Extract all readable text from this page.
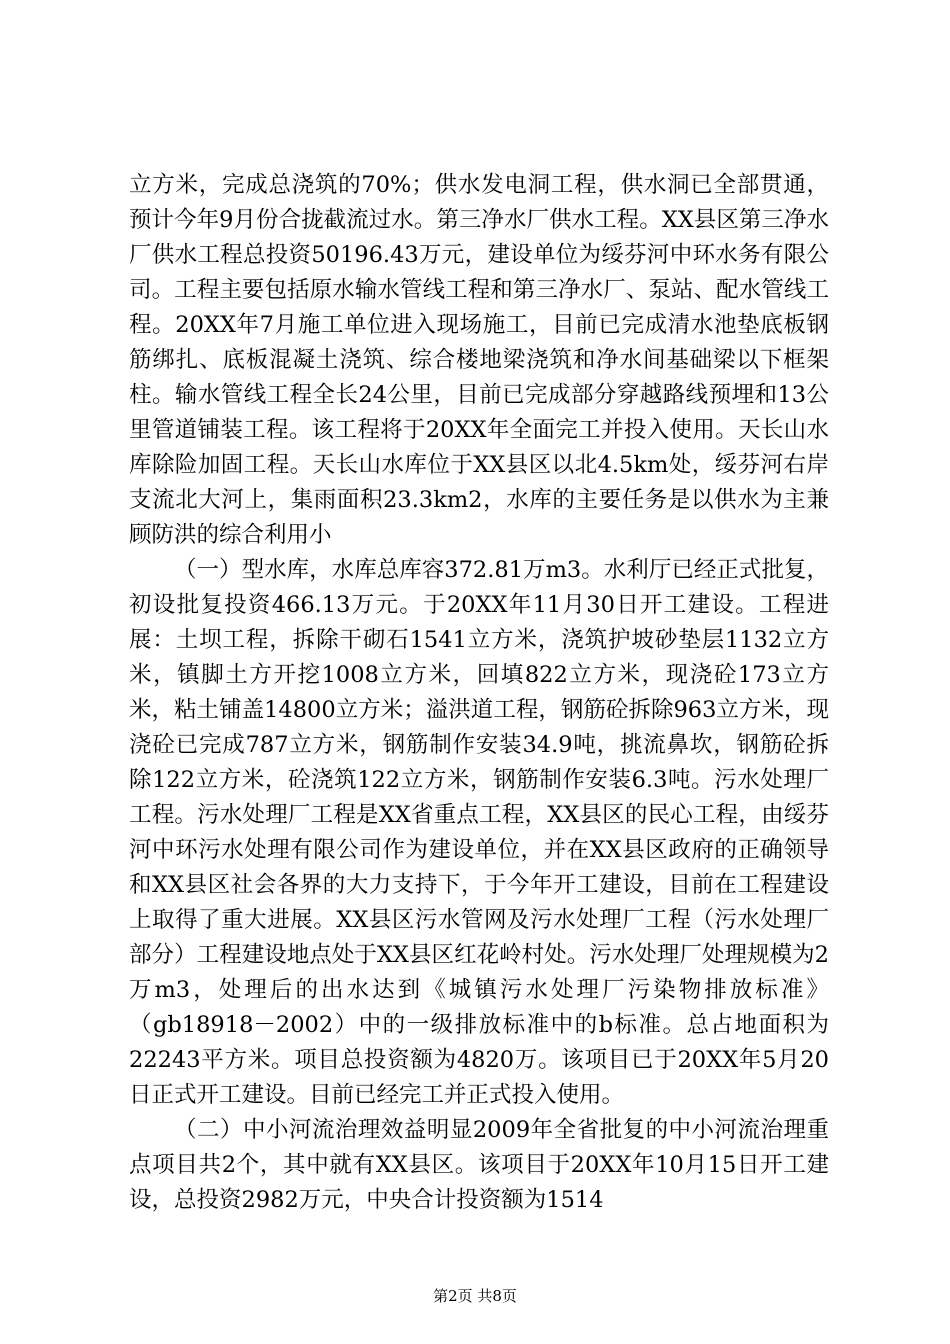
立方米，完成总浇筑的70%；供水发电洞工程，供水洞已全部贯通，预计今年9月份合拢截流过水。第三净水厂供水工程。XX县区第三净水厂供水工程总投资50196.43万元，建设单位为绥芬河中环水务有限公司。工程主要包括原水输水管线工程和第三净水厂、泵站、配水管线工程。20XX年7月施工单位进入现场施工，目前已完成清水池垫底板钢筋绑扎、底板混凝土浇筑、综合楼地梁浇筑和净水间基础梁以下框架柱。输水管线工程全长24公里，目前已完成部分穿越路线预埋和13公里管道铺装工程。该工程将于20XX年全面完工并投入使用。天长山水库除险加固工程。天长山水库位于XX县区以北4.5km处，绥芬河右岸支流北大河上，集雨面积23.3km2，水库的主要任务是以供水为主兼顾防洪的综合利用小

（一）型水库，水库总库容372.81万m3。水利厅已经正式批复，初设批复投资466.13万元。于20XX年11月30日开工建设。工程进展：土坝工程，拆除干砌石1541立方米，浇筑护坡砂垫层1132立方米，镇脚土方开挖1008立方米，回填822立方米，现浇砼173立方米，粘土铺盖14800立方米；溢洪道工程，钢筋砼拆除963立方米，现浇砼已完成787立方米，钢筋制作安装34.9吨，挑流鼻坎，钢筋砼拆除122立方米，砼浇筑122立方米，钢筋制作安装6.3吨。污水处理厂工程。污水处理厂工程是XX省重点工程，XX县区的民心工程，由绥芬河中环污水处理有限公司作为建设单位，并在XX县区政府的正确领导和XX县区社会各界的大力支持下，于今年开工建设，目前在工程建设上取得了重大进展。XX县区污水管网及污水处理厂工程（污水处理厂部分）工程建设地点处于XX县区红花岭村处。污水处理厂处理规模为2万m3，处理后的出水达到《城镇污水处理厂污染物排放标准》（gb18918－2002）中的一级排放标准中的b标准。总占地面积为22243平方米。项目总投资额为4820万。该项目已于20XX年5月20日正式开工建设。目前已经完工并正式投入使用。

（二）中小河流治理效益明显2009年全省批复的中小河流治理重点项目共2个，其中就有XX县区。该项目于20XX年10月15日开工建设，总投资2982万元，中央合计投资额为1514

第2页 共8页
